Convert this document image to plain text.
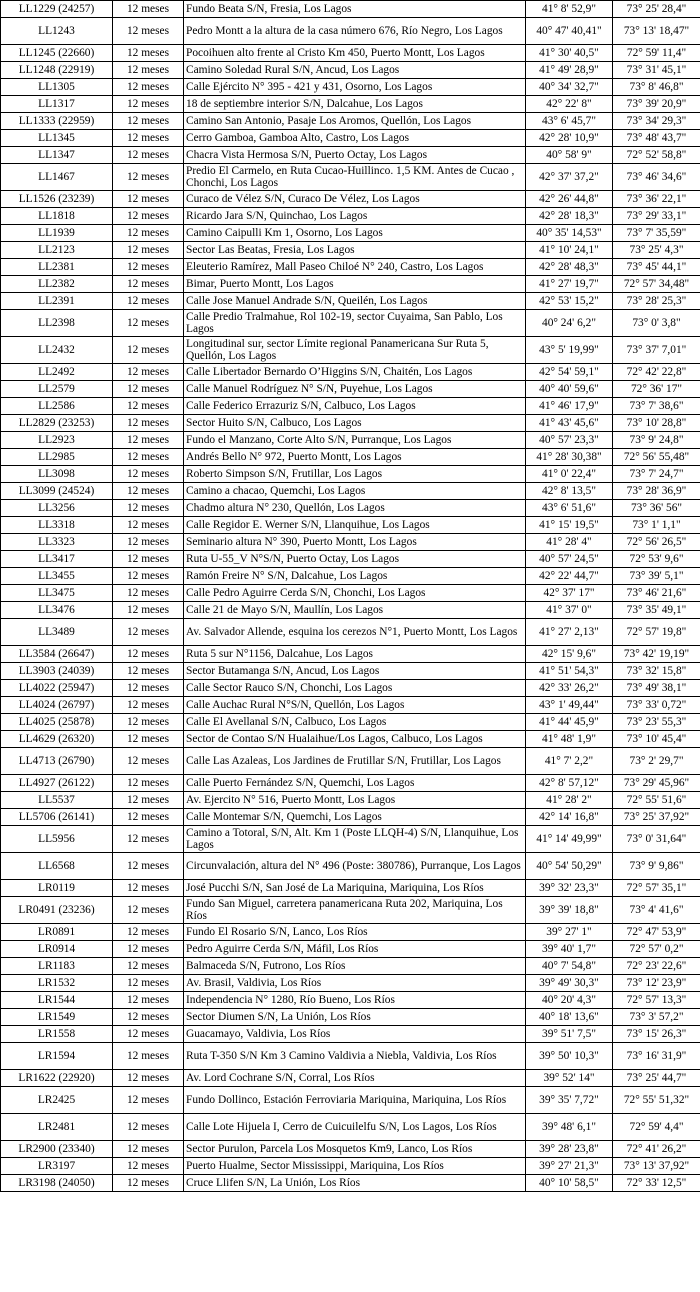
LL1229 (24257)	12 meses	Fundo Beata S/N, Fresia, Los Lagos	41° 8' 52,9"	73° 25' 28,4"
LL1243	12 meses	Pedro Montt a la altura de la casa número 676, Río Negro, Los Lagos	40° 47' 40,41"	73° 13' 18,47"
LL1245 (22660)	12 meses	Pocoihuen alto frente al Cristo Km 450, Puerto Montt, Los Lagos	41° 30' 40,5"	72° 59' 11,4"
LL1248 (22919)	12 meses	Camino Soledad Rural S/N, Ancud, Los Lagos	41° 49' 28,9"	73° 31' 45,1"
LL1305	12 meses	Calle Ejército N° 395 - 421 y 431, Osorno, Los Lagos	40° 34' 32,7"	73° 8' 46,8"
LL1317	12 meses	18 de septiembre interior S/N, Dalcahue, Los Lagos	42° 22' 8"	73° 39' 20,9"
LL1333 (22959)	12 meses	Camino San Antonio, Pasaje Los Aromos, Quellón, Los Lagos	43° 6' 45,7"	73° 34' 29,3"
LL1345	12 meses	Cerro Gamboa, Gamboa Alto, Castro, Los Lagos	42° 28' 10,9"	73° 48' 43,7"
LL1347	12 meses	Chacra Vista Hermosa S/N, Puerto Octay, Los Lagos	40° 58' 9"	72° 52' 58,8"
LL1467	12 meses	Predio El Carmelo, en Ruta Cucao-Huillinco. 1,5 KM. Antes de Cucao , Chonchi, Los Lagos	42° 37' 37,2"	73° 46' 34,6"
LL1526 (23239)	12 meses	Curaco de Vélez S/N, Curaco De Vélez, Los Lagos	42° 26' 44,8"	73° 36' 22,1"
LL1818	12 meses	Ricardo Jara S/N, Quinchao, Los Lagos	42° 28' 18,3"	73° 29' 33,1"
LL1939	12 meses	Camino Caipulli Km 1, Osorno, Los Lagos	40° 35' 14,53"	73° 7' 35,59"
LL2123	12 meses	Sector Las Beatas, Fresia, Los Lagos	41° 10' 24,1"	73° 25' 4,3"
LL2381	12 meses	Eleuterio Ramírez, Mall Paseo Chiloé N° 240, Castro, Los Lagos	42° 28' 48,3"	73° 45' 44,1"
LL2382	12 meses	Bimar, Puerto Montt, Los Lagos	41° 27' 19,7"	72° 57' 34,48"
LL2391	12 meses	Calle Jose Manuel Andrade S/N, Queilén, Los Lagos	42° 53' 15,2"	73° 28' 25,3"
LL2398	12 meses	Calle Predio Tralmahue, Rol 102-19, sector Cuyaima, San Pablo, Los Lagos	40° 24' 6,2"	73° 0' 3,8"
LL2432	12 meses	Longitudinal sur, sector Límite regional Panamericana Sur Ruta 5, Quellón, Los Lagos	43° 5' 19,99"	73° 37' 7,01"
LL2492	12 meses	Calle Libertador Bernardo O’Higgins S/N, Chaitén, Los Lagos	42° 54' 59,1"	72° 42' 22,8"
LL2579	12 meses	Calle Manuel Rodríguez N° S/N, Puyehue, Los Lagos	40° 40' 59,6"	72° 36' 17"
LL2586	12 meses	Calle Federico Errazuriz S/N, Calbuco, Los Lagos	41° 46' 17,9"	73° 7' 38,6"
LL2829 (23253)	12 meses	Sector Huito S/N, Calbuco, Los Lagos	41° 43' 45,6"	73° 10' 28,8"
LL2923	12 meses	Fundo el Manzano, Corte Alto S/N, Purranque, Los Lagos	40° 57' 23,3"	73° 9' 24,8"
LL2985	12 meses	Andrés Bello N° 972, Puerto Montt, Los Lagos	41° 28' 30,38"	72° 56' 55,48"
LL3098	12 meses	Roberto Simpson S/N, Frutillar, Los Lagos	41° 0' 22,4"	73° 7' 24,7"
LL3099 (24524)	12 meses	Camino a chacao, Quemchi, Los Lagos	42° 8' 13,5"	73° 28' 36,9"
LL3256	12 meses	Chadmo altura N° 230, Quellón, Los Lagos	43° 6' 51,6"	73° 36' 56"
LL3318	12 meses	Calle Regidor E. Werner S/N, Llanquihue, Los Lagos	41° 15' 19,5"	73° 1' 1,1"
LL3323	12 meses	Seminario altura N° 390, Puerto Montt, Los Lagos	41° 28' 4"	72° 56' 26,5"
LL3417	12 meses	Ruta U-55_V N°S/N, Puerto Octay, Los Lagos	40° 57' 24,5"	72° 53' 9,6"
LL3455	12 meses	Ramón Freire N° S/N, Dalcahue, Los Lagos	42° 22' 44,7"	73° 39' 5,1"
LL3475	12 meses	Calle Pedro Aguirre Cerda S/N, Chonchi, Los Lagos	42° 37' 17"	73° 46' 21,6"
LL3476	12 meses	Calle 21 de Mayo S/N, Maullín, Los Lagos	41° 37' 0"	73° 35' 49,1"
LL3489	12 meses	Av. Salvador Allende, esquina los cerezos N°1, Puerto Montt, Los Lagos	41° 27' 2,13"	72° 57' 19,8"
LL3584 (26647)	12 meses	Ruta 5 sur N°1156, Dalcahue, Los Lagos	42° 15' 9,6"	73° 42' 19,19"
LL3903 (24039)	12 meses	Sector Butamanga S/N, Ancud, Los Lagos	41° 51' 54,3"	73° 32' 15,8"
LL4022 (25947)	12 meses	Calle Sector Rauco S/N, Chonchi, Los Lagos	42° 33' 26,2"	73° 49' 38,1"
LL4024 (26797)	12 meses	Calle Auchac Rural N°S/N, Quellón, Los Lagos	43° 1' 49,44"	73° 33' 0,72"
LL4025 (25878)	12 meses	Calle El Avellanal S/N, Calbuco, Los Lagos	41° 44' 45,9"	73° 23' 55,3"
LL4629 (26320)	12 meses	Sector de Contao S/N Hualaihue/Los Lagos, Calbuco, Los Lagos	41° 48' 1,9"	73° 10' 45,4"
LL4713 (26790)	12 meses	Calle Las Azaleas, Los Jardines de Frutillar S/N, Frutillar, Los Lagos	41° 7' 2,2"	73° 2' 29,7"
LL4927 (26122)	12 meses	Calle Puerto Fernández S/N, Quemchi, Los Lagos	42° 8' 57,12"	73° 29' 45,96"
LL5537	12 meses	Av. Ejercito N° 516, Puerto Montt, Los Lagos	41° 28' 2"	72° 55' 51,6"
LL5706 (26141)	12 meses	Calle Montemar S/N, Quemchi, Los Lagos	42° 14' 16,8"	73° 25' 37,92"
LL5956	12 meses	Camino a Totoral, S/N, Alt. Km 1 (Poste LLQH-4) S/N, Llanquihue, Los Lagos	41° 14' 49,99"	73° 0' 31,64"
LL6568	12 meses	Circunvalación, altura del N° 496 (Poste: 380786), Purranque, Los Lagos	40° 54' 50,29"	73° 9' 9,86"
LR0119	12 meses	José Pucchi S/N, San José de La Mariquina, Mariquina, Los Ríos	39° 32' 23,3"	72° 57' 35,1"
LR0491 (23236)	12 meses	Fundo San Miguel, carretera panamericana Ruta 202, Mariquina, Los Ríos	39° 39' 18,8"	73° 4' 41,6"
LR0891	12 meses	Fundo El Rosario S/N, Lanco, Los Ríos	39° 27' 1"	72° 47' 53,9"
LR0914	12 meses	Pedro Aguirre Cerda S/N, Máfil, Los Ríos	39° 40' 1,7"	72° 57' 0,2"
LR1183	12 meses	Balmaceda S/N, Futrono, Los Ríos	40° 7' 54,8"	72° 23' 22,6"
LR1532	12 meses	Av. Brasil, Valdivia, Los Ríos	39° 49' 30,3"	73° 12' 23,9"
LR1544	12 meses	Independencia N° 1280, Río Bueno, Los Ríos	40° 20' 4,3"	72° 57' 13,3"
LR1549	12 meses	Sector Diumen S/N, La Unión, Los Ríos	40° 18' 13,6"	73° 3' 57,2"
LR1558	12 meses	Guacamayo, Valdivia, Los Ríos	39° 51' 7,5"	73° 15' 26,3"
LR1594	12 meses	Ruta T-350 S/N Km 3 Camino Valdivia a Niebla, Valdivia, Los Ríos	39° 50' 10,3"	73° 16' 31,9"
LR1622 (22920)	12 meses	Av. Lord Cochrane S/N, Corral, Los Ríos	39° 52' 14"	73° 25' 44,7"
LR2425	12 meses	Fundo Dollinco, Estación Ferroviaria Mariquina, Mariquina, Los Ríos	39° 35' 7,72"	72° 55' 51,32"
LR2481	12 meses	Calle Lote Hijuela I, Cerro de Cuicuilelfu S/N, Los Lagos, Los Ríos	39° 48' 6,1"	72° 59' 4,4"
LR2900 (23340)	12 meses	Sector Purulon, Parcela Los Mosquetos Km9, Lanco, Los Ríos	39° 28' 23,8"	72° 41' 26,2"
LR3197	12 meses	Puerto Hualme, Sector Mississippi, Mariquina, Los Ríos	39° 27' 21,3"	73° 13' 37,92"
LR3198 (24050)	12 meses	Cruce Llifen S/N, La Unión, Los Ríos	40° 10' 58,5"	72° 33' 12,5"
